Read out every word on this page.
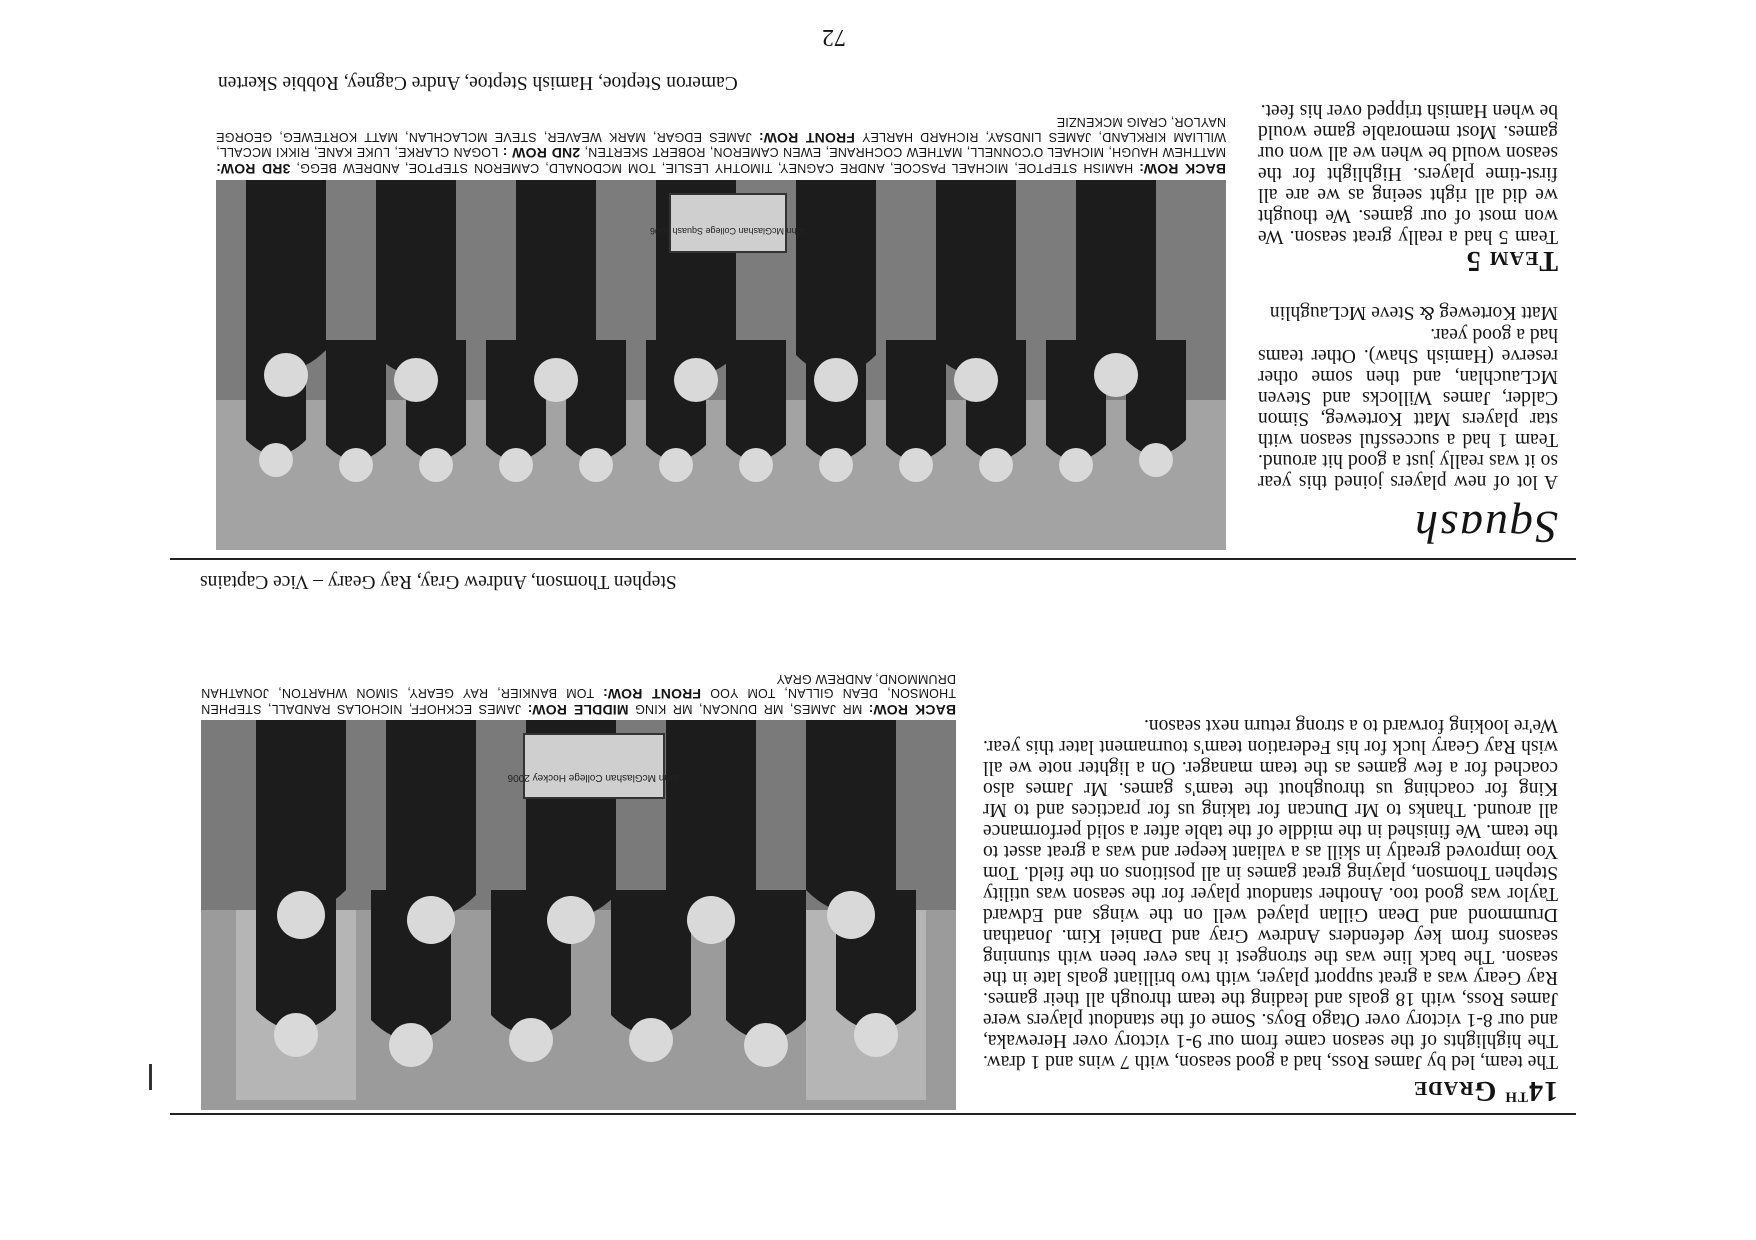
14TH Grade

The team, led by James Ross, had a good season, with 7 wins and 1 draw. The highlights of the season came from our 9-1 victory over Herewaka, and our 8-1 victory over Otago Boys. Some of the standout players were James Ross, with 18 goals and leading the team through all their games. Ray Geary was a great support player, with two brilliant goals late in the season. The back line was the strongest it has ever been with stunning seasons from key defenders Andrew Gray and Daniel Kim. Jonathan Drummond and Dean Gillan played well on the wings and Edward Taylor was good too. Another standout player for the season was utility Stephen Thomson, playing great games in all positions on the field. Tom Yoo improved greatly in skill as a valiant keeper and was a great asset to the team. We finished in the middle of the table after a solid performance all around. Thanks to Mr Duncan for taking us for practices and to Mr King for coaching us throughout the team's games. Mr James also coached for a few games as the team manager. On a lighter note we all wish Ray Geary luck for his Federation team's tournament later this year. We're looking forward to a strong return next season.

John McGlashan College Hockey 2006
BACK ROW: MR JAMES, MR DUNCAN, MR KING MIDDLE ROW: JAMES ECKHOFF, NICHOLAS RANDALL, STEPHEN THOMSON, DEAN GILLAN, TOM YOO FRONT ROW: TOM BANKIER, RAY GEARY, SIMON WHARTON, JONATHAN DRUMMOND, ANDREW GRAY
Stephen Thomson, Andrew Gray, Ray Geary – Vice Captains
Squash

A lot of new players joined this year so it was really just a good hit around. Team 1 had a successful season with star players Matt Korteweg, Simon Calder, James Willocks and Steven McLauchlan, and then some other reserve (Hamish Shaw). Other teams had a good year.

Matt Korteweg & Steve McLaughlin

Team 5

Team 5 had a really great season. We won most of our games. We thought we did all right seeing as we are all first-time players. Highlight for the season would be when we all won our games. Most memorable game would be when Hamish tripped over his feet.

John McGlashan College Squash 2006
BACK ROW: HAMISH STEPTOE, MICHAEL PASCOE, ANDRE CAGNEY, TIMOTHY LESLIE, TOM MCDONALD, CAMERON STEPTOE, ANDREW BEGG, 3RD ROW: MATTHEW HAUGH, MICHAEL O'CONNELL, MATHEW COCHRANE, EWEN CAMERON, ROBERT SKERTEN, 2ND ROW : LOGAN CLARKE, LUKE KANE, RIKKI MCCALL, WILLIAM KIRKLAND, JAMES LINDSAY, RICHARD HARLEY FRONT ROW: JAMES EDGAR, MARK WEAVER, STEVE MCLACHLAN, MATT KORTEWEG, GEORGE NAYLOR, CRAIG MCKENZIE
Cameron Steptoe, Hamish Steptoe, Andre Cagney, Robbie Skerten
72
